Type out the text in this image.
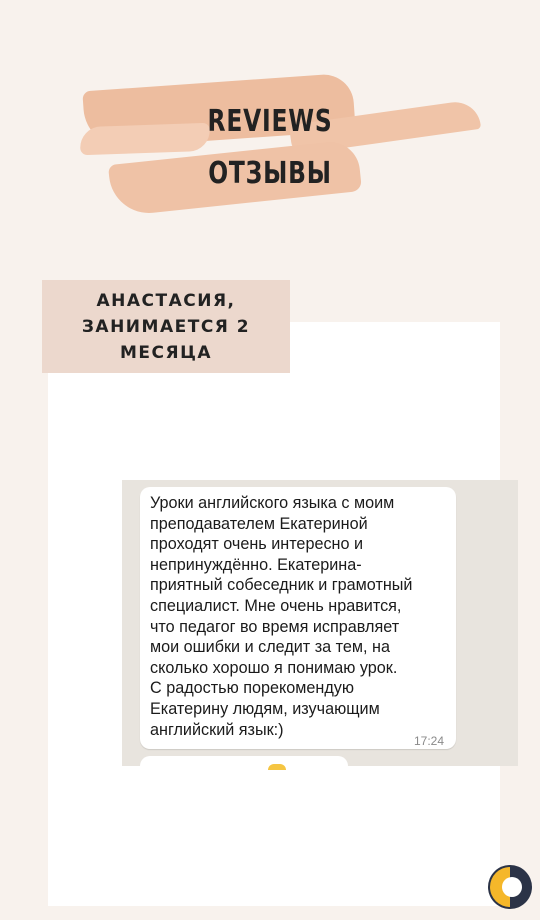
REVIEWS
ОТЗЫВЫ
АНАСТАСИЯ,
ЗАНИМАЕТСЯ 2
МЕСЯЦА
Уроки английского языка с моим
преподавателем Екатериной
проходят очень интересно и
непринуждённо. Екатерина-
приятный собеседник и грамотный
специалист. Мне очень нравится,
что педагог во время исправляет
мои ошибки и следит за тем, на
сколько хорошо я понимаю урок.
С радостью порекомендую
Екатерину людям, изучающим
английский язык:)
17:24
